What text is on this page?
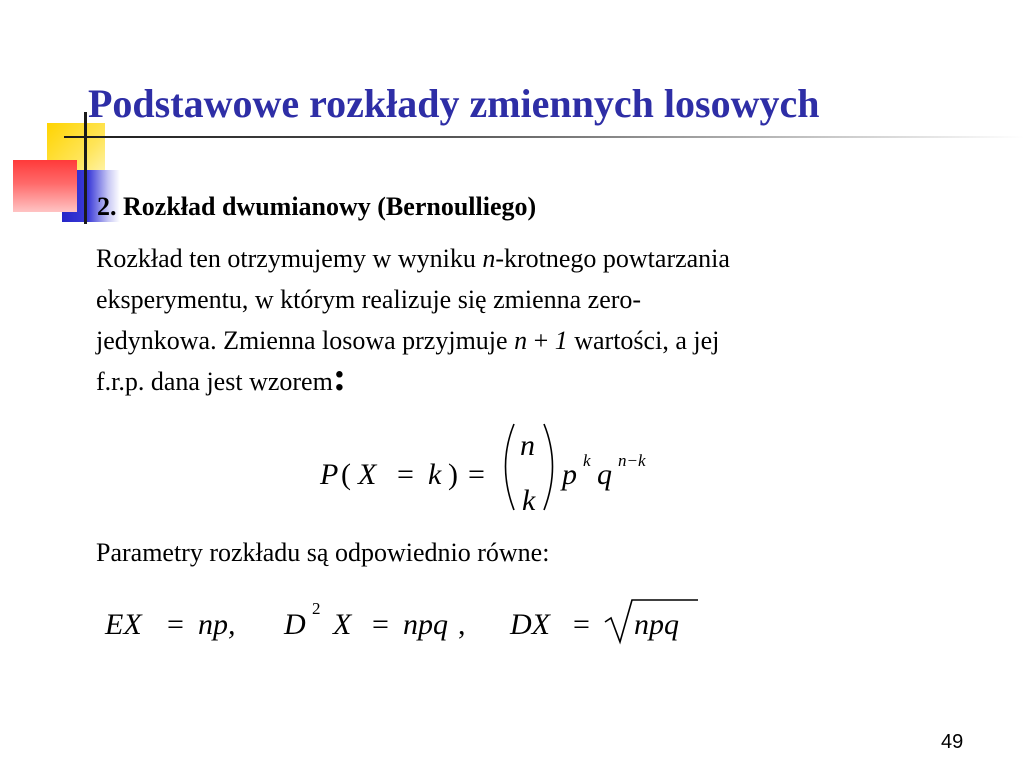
Podstawowe rozkłady zmiennych losowych
2. Rozkład dwumianowy (Bernoulliego)
Rozkład ten otrzymujemy w wyniku n-krotnego powtarzania
eksperymentu, w którym realizuje się zmienna zero-
jedynkowa. Zmienna losowa przyjmuje n + 1 wartości, a jej
f.r.p. dana jest wzorem:
P ( X = k ) =
n
k
p k q n−k
Parametry rozkładu są odpowiednio równe:
EX = np, D 2 X = npq , DX = npq
49
